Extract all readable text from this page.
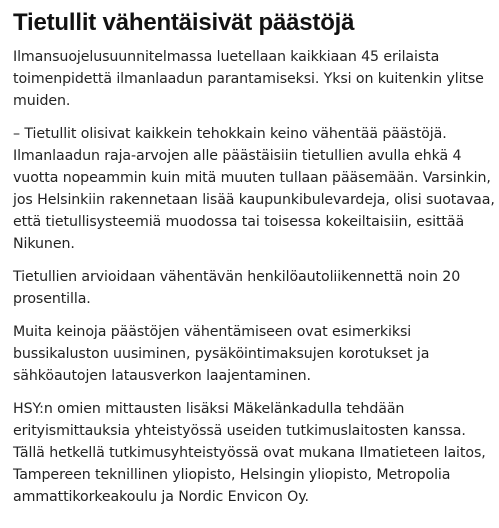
Tietullit vähentäisivät päästöjä

Ilmansuojelusuunnitelmassa luetellaan kaikkiaan 45 erilaista toimenpidettä ilmanlaadun parantamiseksi. Yksi on kuitenkin ylitse muiden.

– Tietullit olisivat kaikkein tehokkain keino vähentää päästöjä. Ilmanlaadun raja-arvojen alle päästäisiin tietullien avulla ehkä 4 vuotta nopeammin kuin mitä muuten tullaan pääsemään. Varsinkin, jos Helsinkiin rakennetaan lisää kaupunkibulevardeja, olisi suotavaa, että tietullisysteemiä muodossa tai toisessa kokeiltaisiin, esittää Nikunen.

Tietullien arvioidaan vähentävän henkilöautoliikennettä noin 20 prosentilla.

Muita keinoja päästöjen vähentämiseen ovat esimerkiksi bussikaluston uusiminen, pysäköintimaksujen korotukset ja sähköautojen latausverkon laajentaminen.

HSY:n omien mittausten lisäksi Mäkelänkadulla tehdään erityismittauksia yhteistyössä useiden tutkimuslaitosten kanssa. Tällä hetkellä tutkimusyhteistyössä ovat mukana Ilmatieteen laitos, Tampereen teknillinen yliopisto, Helsingin yliopisto, Metropolia ammattikorkeakoulu ja Nordic Envicon Oy.
